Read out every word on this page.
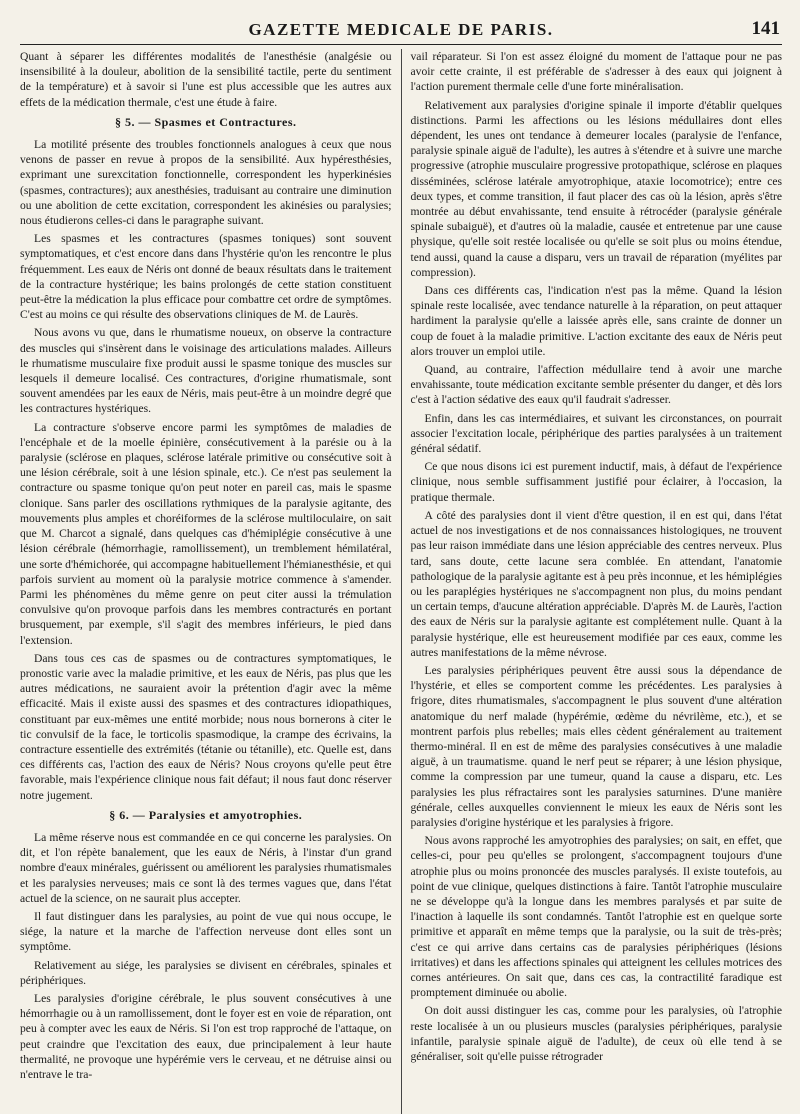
GAZETTE MEDICALE DE PARIS.	141

Quant à séparer les différentes modalités de l'anesthésie (analgésie ou insensibilité à la douleur, abolition de la sensibilité tactile, perte du sentiment de la température) et à savoir si l'une est plus accessible que les autres aux effets de la médication thermale, c'est une étude à faire.

§ 5. — Spasmes et Contractures.

La motilité présente des troubles fonctionnels analogues à ceux que nous venons de passer en revue à propos de la sensibilité. Aux hypéresthésies, exprimant une surexcitation fonctionnelle, correspondent les hyperkinésies (spasmes, contractures); aux anesthésies, traduisant au contraire une diminution ou une abolition de cette excitation, correspondent les akinésies ou paralysies; nous étudierons celles-ci dans le paragraphe suivant.

Les spasmes et les contractures (spasmes toniques) sont souvent symptomatiques, et c'est encore dans dans l'hystérie qu'on les rencontre le plus fréquemment. Les eaux de Néris ont donné de beaux résultats dans le traitement de la contracture hystérique; les bains prolongés de cette station constituent peut-être la médication la plus efficace pour combattre cet ordre de symptômes. C'est au moins ce qui résulte des observations cliniques de M. de Laurès.

Nous avons vu que, dans le rhumatisme noueux, on observe la contracture des muscles qui s'insèrent dans le voisinage des articulations malades. Ailleurs le rhumatisme musculaire fixe produit aussi le spasme tonique des muscles sur lesquels il demeure localisé. Ces contractures, d'origine rhumatismale, sont souvent amendées par les eaux de Néris, mais peut-être à un moindre degré que les contractures hystériques.

La contracture s'observe encore parmi les symptômes de maladies de l'encéphale et de la moelle épinière, consécutivement à la parésie ou à la paralysie (sclérose en plaques, sclérose latérale primitive ou consécutive soit à une lésion cérébrale, soit à une lésion spinale, etc.). Ce n'est pas seulement la contracture ou spasme tonique qu'on peut noter en pareil cas, mais le spasme clonique. Sans parler des oscillations rythmiques de la paralysie agitante, des mouvements plus amples et choréiformes de la sclérose multiloculaire, on sait que M. Charcot a signalé, dans quelques cas d'hémiplégie consécutive à une lésion cérébrale (hémorrhagie, ramollissement), un tremblement hémilatéral, une sorte d'hémichorée, qui accompagne habituellement l'hémianesthésie, et qui parfois survient au moment où la paralysie motrice commence à s'amender. Parmi les phénomènes du même genre on peut citer aussi la trémulation convulsive qu'on provoque parfois dans les membres contracturés en portant brusquement, par exemple, s'il s'agit des membres inférieurs, le pied dans l'extension.

Dans tous ces cas de spasmes ou de contractures symptomatiques, le pronostic varie avec la maladie primitive, et les eaux de Néris, pas plus que les autres médications, ne sauraient avoir la prétention d'agir avec la même efficacité. Mais il existe aussi des spasmes et des contractures idiopathiques, constituant par eux-mêmes une entité morbide; nous nous bornerons à citer le tic convulsif de la face, le torticolis spasmodique, la crampe des écrivains, la contracture essentielle des extrémités (tétanie ou tétanille), etc. Quelle est, dans ces différents cas, l'action des eaux de Néris? Nous croyons qu'elle peut être favorable, mais l'expérience clinique nous fait défaut; il nous faut donc réserver notre jugement.

§ 6. — Paralysies et amyotrophies.

La même réserve nous est commandée en ce qui concerne les paralysies. On dit, et l'on répète banalement, que les eaux de Néris, à l'instar d'un grand nombre d'eaux minérales, guérissent ou améliorent les paralysies rhumatismales et les paralysies nerveuses; mais ce sont là des termes vagues que, dans l'état actuel de la science, on ne saurait plus accepter.

Il faut distinguer dans les paralysies, au point de vue qui nous occupe, le siége, la nature et la marche de l'affection nerveuse dont elles sont un symptôme.

Relativement au siége, les paralysies se divisent en cérébrales, spinales et périphériques.

Les paralysies d'origine cérébrale, le plus souvent consécutives à une hémorrhagie ou à un ramollissement, dont le foyer est en voie de réparation, ont peu à compter avec les eaux de Néris. Si l'on est trop rapproché de l'attaque, on peut craindre que l'excitation des eaux, due principalement à leur haute thermalité, ne provoque une hypérémie vers le cerveau, et ne détruise ainsi ou n'entrave le tra-

vail réparateur. Si l'on est assez éloigné du moment de l'attaque pour ne pas avoir cette crainte, il est préférable de s'adresser à des eaux qui joignent à l'action purement thermale celle d'une forte minéralisation.

Relativement aux paralysies d'origine spinale il importe d'établir quelques distinctions. Parmi les affections ou les lésions médullaires dont elles dépendent, les unes ont tendance à demeurer locales (paralysie de l'enfance, paralysie spinale aiguë de l'adulte), les autres à s'étendre et à suivre une marche progressive (atrophie musculaire progressive protopathique, sclérose en plaques disséminées, sclérose latérale amyotrophique, ataxie locomotrice); entre ces deux types, et comme transition, il faut placer des cas où la lésion, après s'être montrée au début envahissante, tend ensuite à rétrocéder (paralysie générale spinale subaiguë), et d'autres où la maladie, causée et entretenue par une cause physique, qu'elle soit restée localisée ou qu'elle se soit plus ou moins étendue, tend aussi, quand la cause a disparu, vers un travail de réparation (myélites par compression).

Dans ces différents cas, l'indication n'est pas la même. Quand la lésion spinale reste localisée, avec tendance naturelle à la réparation, on peut attaquer hardiment la paralysie qu'elle a laissée après elle, sans crainte de donner un coup de fouet à la maladie primitive. L'action excitante des eaux de Néris peut alors trouver un emploi utile.

Quand, au contraire, l'affection médullaire tend à avoir une marche envahissante, toute médication excitante semble présenter du danger, et dès lors c'est à l'action sédative des eaux qu'il faudrait s'adresser.

Enfin, dans les cas intermédiaires, et suivant les circonstances, on pourrait associer l'excitation locale, périphérique des parties paralysées à un traitement général sédatif.

Ce que nous disons ici est purement inductif, mais, à défaut de l'expérience clinique, nous semble suffisamment justifié pour éclairer, à l'occasion, la pratique thermale.

A côté des paralysies dont il vient d'être question, il en est qui, dans l'état actuel de nos investigations et de nos connaissances histologiques, ne trouvent pas leur raison immédiate dans une lésion appréciable des centres nerveux. Plus tard, sans doute, cette lacune sera comblée. En attendant, l'anatomie pathologique de la paralysie agitante est à peu près inconnue, et les hémiplégies ou les paraplégies hystériques ne s'accompagnent non plus, du moins pendant un certain temps, d'aucune altération appréciable. D'après M. de Laurès, l'action des eaux de Néris sur la paralysie agitante est complétement nulle. Quant à la paralysie hystérique, elle est heureusement modifiée par ces eaux, comme les autres manifestations de la même névrose.

Les paralysies périphériques peuvent être aussi sous la dépendance de l'hystérie, et elles se comportent comme les précédentes. Les paralysies à frigore, dites rhumatismales, s'accompagnent le plus souvent d'une altération anatomique du nerf malade (hypérémie, œdème du névrilème, etc.), et se montrent parfois plus rebelles; mais elles cèdent généralement au traitement thermo-minéral. Il en est de même des paralysies consécutives à une maladie aiguë, à un traumatisme. quand le nerf peut se réparer; à une lésion physique, comme la compression par une tumeur, quand la cause a disparu, etc. Les paralysies les plus réfractaires sont les paralysies saturnines. D'une manière générale, celles auxquelles conviennent le mieux les eaux de Néris sont les paralysies d'origine hystérique et les paralysies à frigore.

Nous avons rapproché les amyotrophies des paralysies; on sait, en effet, que celles-ci, pour peu qu'elles se prolongent, s'accompagnent toujours d'une atrophie plus ou moins prononcée des muscles paralysés. Il existe toutefois, au point de vue clinique, quelques distinctions à faire. Tantôt l'atrophie musculaire ne se développe qu'à la longue dans les membres paralysés et par suite de l'inaction à laquelle ils sont condamnés. Tantôt l'atrophie est en quelque sorte primitive et apparaît en même temps que la paralysie, ou la suit de très-près; c'est ce qui arrive dans certains cas de paralysies périphériques (lésions irritatives) et dans les affections spinales qui atteignent les cellules motrices des cornes antérieures. On sait que, dans ces cas, la contractilité faradique est promptement diminuée ou abolie.

On doit aussi distinguer les cas, comme pour les paralysies, où l'atrophie reste localisée à un ou plusieurs muscles (paralysies périphériques, paralysie infantile, paralysie spinale aiguë de l'adulte), de ceux où elle tend à se généraliser, soit qu'elle puisse rétrograder
